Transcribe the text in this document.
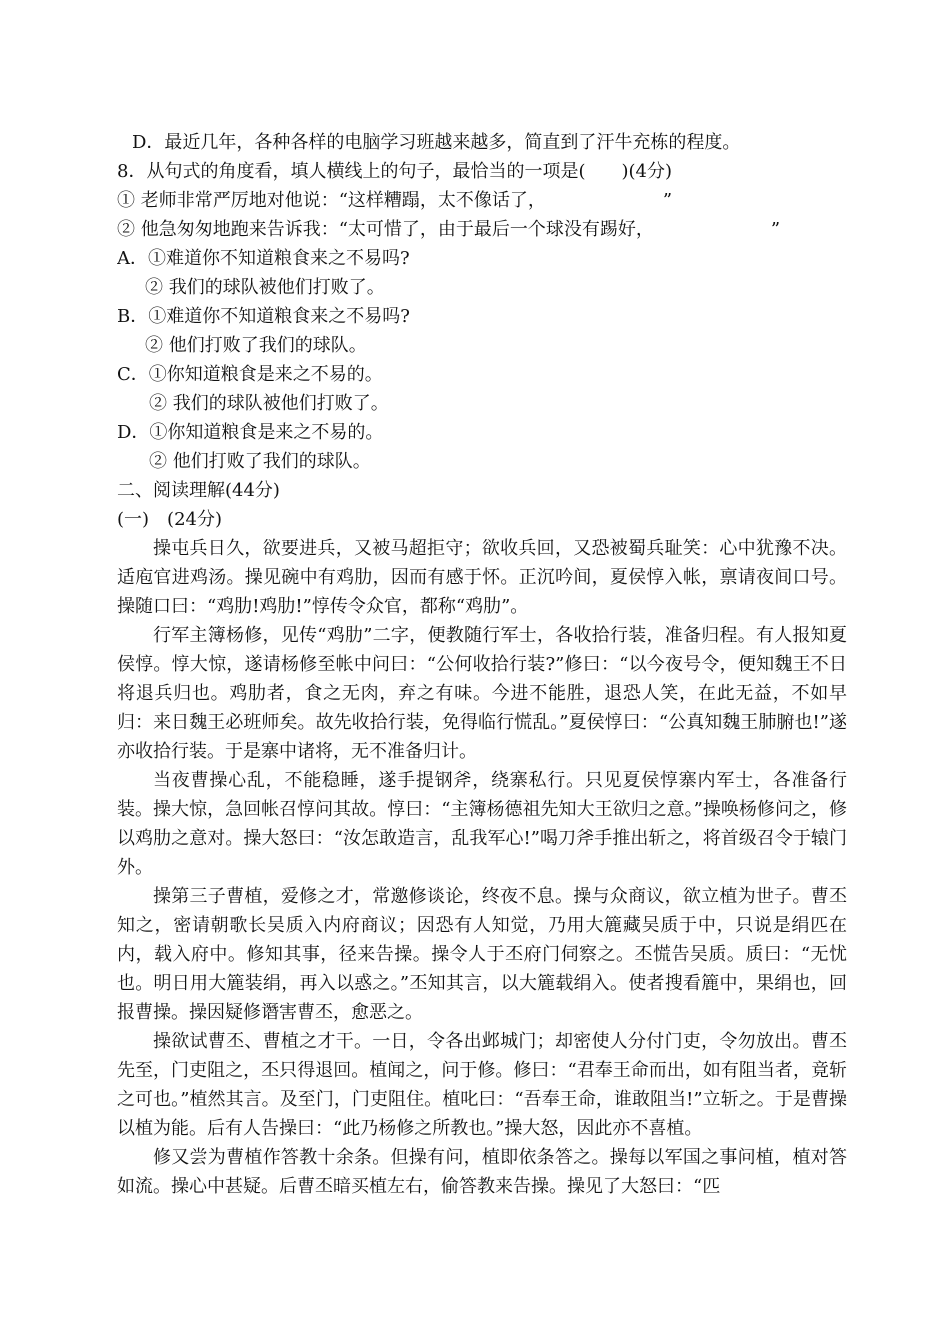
D．最近几年，各种各样的电脑学习班越来越多，简直到了汗牛充栋的程度。
8．从句式的角度看，填人横线上的句子，最恰当的一项是(　　)(4分)
① 老师非常严厉地对他说：“这样糟蹋，太不像话了，　　　　　　　”
② 他急匆匆地跑来告诉我：“太可惜了，由于最后一个球没有踢好，　　　　　　　”
A．①难道你不知道粮食来之不易吗?
② 我们的球队被他们打败了。
B．①难道你不知道粮食来之不易吗?
② 他们打败了我们的球队。
C．①你知道粮食是来之不易的。
② 我们的球队被他们打败了。
D．①你知道粮食是来之不易的。
② 他们打败了我们的球队。
二、阅读理解(44分)
(一)　(24分)

操屯兵日久，欲要进兵，又被马超拒守；欲收兵回，又恐被蜀兵耻笑：心中犹豫不决。适庖官进鸡汤。操见碗中有鸡肋，因而有感于怀。正沉吟间，夏侯惇入帐，禀请夜间口号。操随口曰：“鸡肋!鸡肋!”惇传令众官，都称“鸡肋”。

行军主簿杨修，见传“鸡肋”二字，便教随行军士，各收拾行装，准备归程。有人报知夏侯惇。惇大惊，遂请杨修至帐中问曰：“公何收拾行装?”修曰：“以今夜号令，便知魏王不日将退兵归也。鸡肋者，食之无肉，弃之有味。今进不能胜，退恐人笑，在此无益，不如早归：来日魏王必班师矣。故先收拾行装，免得临行慌乱。”夏侯惇曰：“公真知魏王肺腑也!”遂亦收拾行装。于是寨中诸将，无不准备归计。

当夜曹操心乱，不能稳睡，遂手提钢斧，绕寨私行。只见夏侯惇寨内军士，各准备行装。操大惊，急回帐召惇问其故。惇曰：“主簿杨德祖先知大王欲归之意。”操唤杨修问之，修以鸡肋之意对。操大怒曰：“汝怎敢造言，乱我军心!”喝刀斧手推出斩之，将首级召令于辕门外。

操第三子曹植，爱修之才，常邀修谈论，终夜不息。操与众商议，欲立植为世子。曹丕知之，密请朝歌长吴质入内府商议；因恐有人知觉，乃用大簏藏吴质于中，只说是绢匹在内，载入府中。修知其事，径来告操。操令人于丕府门伺察之。丕慌告吴质。质曰：“无忧也。明日用大簏装绢，再入以惑之。”丕知其言，以大簏载绢入。使者搜看簏中，果绢也，回报曹操。操因疑修谮害曹丕，愈恶之。

操欲试曹丕、曹植之才干。一日，令各出邺城门；却密使人分付门吏，令勿放出。曹丕先至，门吏阻之，丕只得退回。植闻之，问于修。修曰：“君奉王命而出，如有阻当者，竟斩之可也。”植然其言。及至门，门吏阻住。植叱曰：“吾奉王命，谁敢阻当!”立斩之。于是曹操以植为能。后有人告操曰：“此乃杨修之所教也。”操大怒，因此亦不喜植。

修又尝为曹植作答教十余条。但操有问，植即依条答之。操每以军国之事问植，植对答如流。操心中甚疑。后曹丕暗买植左右，偷答教来告操。操见了大怒曰：“匹
